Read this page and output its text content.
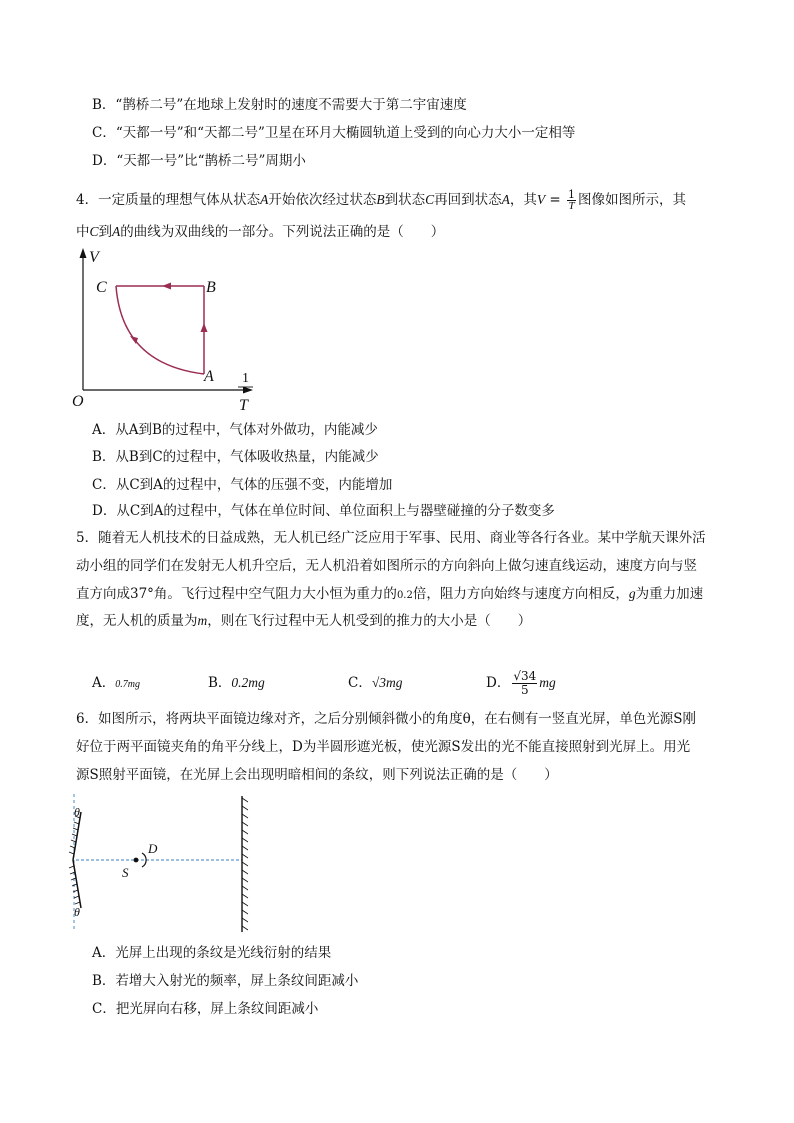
B．“鹊桥二号”在地球上发射时的速度不需要大于第二宇宙速度
C．“天都一号”和“天都二号”卫星在环月大椭圆轨道上受到的向心力大小一定相等
D．“天都一号”比“鹊桥二号”周期小
4．一定质量的理想气体从状态A开始依次经过状态B到状态C再回到状态A，其$V = \frac{1}{T}$ 图像如图所示，其
中C到A的曲线为双曲线的一部分。下列说法正确的是（　　）
V
1
T
O
C	B
A
A．从A到B的过程中，气体对外做功，内能减少
B．从B到C的过程中，气体吸收热量，内能减少
C．从C到A的过程中，气体的压强不变，内能增加
D．从C到A的过程中，气体在单位时间、单位面积上与器壁碰撞的分子数变多
5．随着无人机技术的日益成熟，无人机已经广泛应用于军事、民用、商业等各行各业。某中学航天课外活
动小组的同学们在发射无人机升空后，无人机沿着如图所示的方向斜向上做匀速直线运动，速度方向与竖
直方向成37°角。飞行过程中空气阻力大小恒为重力的0.2倍，阻力方向始终与速度方向相反，g为重力加速
度，无人机的质量为m，则在飞行过程中无人机受到的推力的大小是（　　）
A．0.7mg	B．0.2mg	C．√3mg	D． $\frac{√34}{5}$ mg
6．如图所示，将两块平面镜边缘对齐，之后分别倾斜微小的角度θ，在右侧有一竖直光屏，单色光源S刚
好位于两平面镜夹角的角平分线上，D为半圆形遮光板，使光源S发出的光不能直接照射到光屏上。用光
源S照射平面镜，在光屏上会出现明暗相间的条纹，则下列说法正确的是（　　）
θ
θ
D
S
A．光屏上出现的条纹是光线衍射的结果
B．若增大入射光的频率，屏上条纹间距减小
C．把光屏向右移，屏上条纹间距减小
